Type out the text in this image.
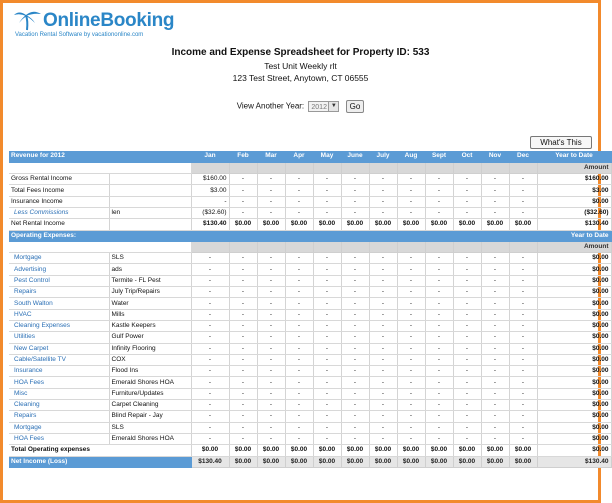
OnlineBooking
Vacation Rental Software by vacationonline.com
Income and Expense Spreadsheet for Property ID: 533
Test Unit Weekly rlt
123 Test Street, Anytown, CT 06555
View Another Year: 2012 ▼ Go
What's This
Revenue for 2012		Jan	Feb	Mar	Apr	May	June	July	Aug	Sept	Oct	Nov	Dec	Year to Date
														Amount
Gross Rental Income		$160.00	-	-	-	-	-	-	-	-	-	-	-	$160.00
Total Fees Income		$3.00	-	-	-	-	-	-	-	-	-	-	-	$3.00
Insurance Income		-	-	-	-	-	-	-	-	-	-	-	-	$0.00
Less Commissions	len	($32.60)	-	-	-	-	-	-	-	-	-	-	-	($32.60)
Net Rental Income		$130.40	$0.00	$0.00	$0.00	$0.00	$0.00	$0.00	$0.00	$0.00	$0.00	$0.00	$0.00	$130.40
Operating Expenses:														Year to Date
														Amount
Mortgage	SLS	-	-	-	-	-	-	-	-	-	-	-	-	$0.00
Advertising	ads	-	-	-	-	-	-	-	-	-	-	-	-	$0.00
Pest Control	Termite - FL Pest	-	-	-	-	-	-	-	-	-	-	-	-	$0.00
Repairs	July Trip/Repairs	-	-	-	-	-	-	-	-	-	-	-	-	$0.00
South Walton	Water	-	-	-	-	-	-	-	-	-	-	-	-	$0.00
HVAC	Mills	-	-	-	-	-	-	-	-	-	-	-	-	$0.00
Cleaning Expenses	Kastle Keepers	-	-	-	-	-	-	-	-	-	-	-	-	$0.00
Utilities	Gulf Power	-	-	-	-	-	-	-	-	-	-	-	-	$0.00
New Carpet	Infinity Flooring	-	-	-	-	-	-	-	-	-	-	-	-	$0.00
Cable/Satellite TV	COX	-	-	-	-	-	-	-	-	-	-	-	-	$0.00
Insurance	Flood Ins	-	-	-	-	-	-	-	-	-	-	-	-	$0.00
HOA Fees	Emerald Shores HOA	-	-	-	-	-	-	-	-	-	-	-	-	$0.00
Misc	Furniture/Updates	-	-	-	-	-	-	-	-	-	-	-	-	$0.00
Cleaning	Carpet Cleaning	-	-	-	-	-	-	-	-	-	-	-	-	$0.00
Repairs	Blind Repair - Jay	-	-	-	-	-	-	-	-	-	-	-	-	$0.00
Mortgage	SLS	-	-	-	-	-	-	-	-	-	-	-	-	$0.00
HOA Fees	Emerald Shores HOA	-	-	-	-	-	-	-	-	-	-	-	-	$0.00
Total Operating expenses		$0.00	$0.00	$0.00	$0.00	$0.00	$0.00	$0.00	$0.00	$0.00	$0.00	$0.00	$0.00	$0.00
Net Income (Loss)		$130.40	$0.00	$0.00	$0.00	$0.00	$0.00	$0.00	$0.00	$0.00	$0.00	$0.00	$0.00	$130.40
